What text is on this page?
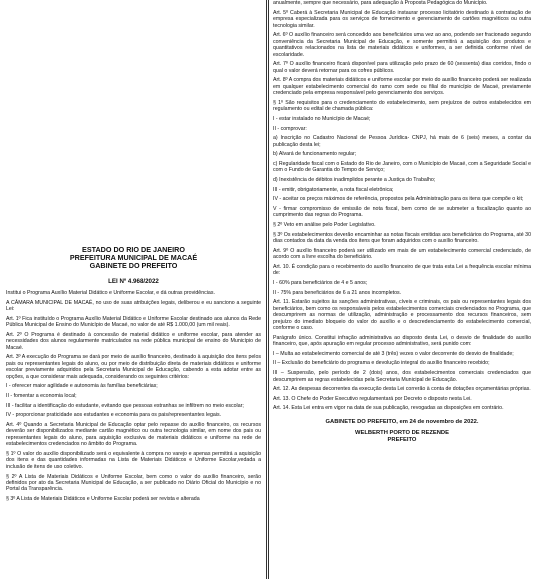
ESTADO DO RIO DE JANEIRO
PREFEITURA MUNICIPAL DE MACAÉ
GABINETE DO PREFEITO
LEI Nº 4.968/2022

Institui o Programa Auxílio Material Didático e Uniforme Escolar, e dá outras providências.

A CÂMARA MUNICIPAL DE MACAÉ, no uso de suas atribuições legais, deliberou e eu sanciono a seguinte Lei:

Art. 1º Fica instituído o Programa Auxílio Material Didático e Uniforme Escolar destinado aos alunos da Rede Pública Municipal de Ensino do Município de Macaé, no valor de até R$ 1.000,00 (um mil reais).

Art. 2º O Programa é destinado à concessão de material didático e uniforme escolar, para atender as necessidades dos alunos regularmente matriculados na rede pública municipal de ensino do Município de Macaé.

Art. 3º A execução do Programa se dará por meio de auxílio financeiro, destinado à aquisição dos itens pelos pais ou representantes legais do aluno, ou por meio de distribuição direta de materiais didáticos e uniforme escolar previamente adquiridos pela Secretaria Municipal de Educação, cabendo a esta adotar entre as opções, a que considerar mais adequada, considerando os seguintes critérios:

I - oferecer maior agilidade e autonomia às famílias beneficiárias;

II - fomentar a economia local;

III - facilitar a identificação do estudante, evitando que pessoas estranhas se infiltrem no meio escolar;

IV - proporcionar praticidade aos estudantes e economia para os pais/representantes legais.

Art. 4º Quando a Secretaria Municipal de Educação optar pelo repasse do auxílio financeiro, os recursos deverão ser disponibilizados mediante cartão magnético ou outra tecnologia similar, em nome dos pais ou representantes legais do aluno, para aquisição exclusiva de materiais didáticos e uniforme na rede de estabelecimentos credenciados no âmbito do Programa.

§ 1º O valor do auxílio disponibilizado será o equivalente à compra no varejo e apenas permitirá a aquisição dos itens e das quantidades informadas na Lista de Materiais Didáticos e Uniforme Escolar,vedada a inclusão de itens de uso coletivo.

§ 2º A Lista de Materiais Didáticos e Uniforme Escolar, bem como o valor do auxílio financeiro, serão definidos por ato da Secretaria Municipal de Educação, a ser publicado no Diário Oficial do Município e no Portal da Transparência.

§ 3º A Lista de Materiais Didáticos e Uniforme Escolar poderá ser revista e alterada

anualmente, sempre que necessário, para adequação à Proposta Pedagógica do Município.

Art. 5º Caberá à Secretaria Municipal de Educação instaurar processo licitatório destinado à contratação de empresa especializada para os serviços de fornecimento e gerenciamento de cartões magnéticos ou outra tecnologia similar.

Art. 6º O auxílio financeiro será concedido aos beneficiários uma vez ao ano, podendo ser fracionado segundo conveniência da Secretaria Municipal de Educação, e somente permitirá a aquisição dos produtos e quantitativos relacionados na lista de materiais didáticos e uniformes, a ser definida conforme nível de escolaridade.

Art. 7º O auxílio financeiro ficará disponível para utilização pelo prazo de 60 (sessenta) dias corridos, findo o qual o valor deverá retornar para os cofres públicos.

Art. 8º A compra dos materiais didáticos e uniforme escolar por meio do auxílio financeiro poderá ser realizada em qualquer estabelecimento comercial do ramo com sede ou filial do município de Macaé, previamente credenciado pela empresa responsável pelo gerenciamento dos serviços.

§ 1º São requisitos para o credenciamento do estabelecimento, sem prejuízos de outros estabelecidos em regulamento ou edital de chamada pública:

I - estar instalado no Município de Macaé;

II - comprovar:

a) Inscrição no Cadastro Nacional de Pessoa Jurídica- CNPJ, há mais de 6 (seis) meses, a contar da publicação desta lei;

b) Alvará de funcionamento regular;

c) Regularidade fiscal com o Estado do Rio de Janeiro, com o Município de Macaé, com a Seguridade Social e com o Fundo de Garantia do Tempo de Serviço;

d) Inexistência de débitos inadimplidos perante a Justiça do Trabalho;

III - emitir, obrigatoriamente, a nota fiscal eletrônica;

IV - aceitar os preços máximos de referência, propostos pela Administração para os itens que compõe o kit;

V - firmar compromisso de emissão de nota fiscal, bem como de se submeter a fiscalização quanto ao cumprimento das regras do Programa.

§ 2º Veto em análise pelo Poder Legislativo.

§ 3º Os estabelecimentos deverão encaminhar as notas fiscais emitidas aos beneficiários do Programa, até 30 dias contados da data da venda dos itens que foram adquiridos com o auxílio financeiro.

Art. 9º O auxílio financeiro poderá ser utilizado em mais de um estabelecimento comercial credenciado, de acordo com a livre escolha do beneficiário.

Art. 10. É condição para o recebimento do auxílio financeiro de que trata esta Lei a frequência escolar mínima de:

I - 60% para beneficiários de 4 e 5 anos;

II - 75% para beneficiários de 6 a 21 anos incompletos.

Art. 11. Estarão sujeitos às sanções administrativas, cíveis e criminais, os pais ou representantes legais dos beneficiários, bem como os responsáveis pelos estabelecimentos comerciais credenciados no Programa, que descumprirem as normas de utilização, administração e processamento dos recursos financeiros, sem prejuízo do imediato bloqueio do valor do auxílio e o descredenciamento do estabelecimento comercial, conforme o caso.

Parágrafo único. Constitui infração administrativa ao disposto desta Lei, o desvio de finalidade do auxílio financeiro, que, após apuração em regular processo administrativo, será punido com:

I – Multa ao estabelecimento comercial de até 3 (três) vezes o valor decorrente do desvio de finalidade;

II – Exclusão do beneficiário do programa e devolução integral do auxílio financeiro recebido;

III – Suspensão, pelo período de 2 (dois) anos, dos estabelecimentos comerciais credenciados que descumprirem as regras estabelecidas pela Secretaria Municipal de Educação.

Art. 12. As despesas decorrentes da execução desta Lei correrão à conta de dotações orçamentárias próprias.

Art. 13. O Chefe do Poder Executivo regulamentará por Decreto o disposto nesta Lei.

Art. 14. Esta Lei entra em vigor na data de sua publicação, revogadas as disposições em contrário.

GABINETE DO PREFEITO, em 24 de novembro de 2022.
WELBERTH PORTO DE REZENDE
PREFEITO
